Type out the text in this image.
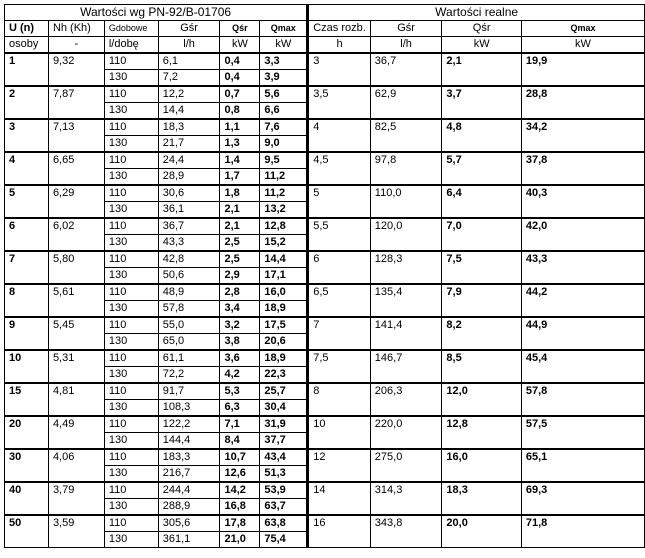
Wartości wg PN-92/B-01706						Wartości realne			
U (n)	Nh (Kh)	Gdobowe	Gśr	Qśr	Qmax	Czas rozb.	Gśr	Qśr	Qmax
osoby	-	l/dobę	l/h	kW	kW	h	l/h	kW	kW
1	9,32	110	6,1	0,4	3,3	3	36,7	2,1	19,9
		130	7,2	0,4	3,9				
2	7,87	110	12,2	0,7	5,6	3,5	62,9	3,7	28,8
		130	14,4	0,8	6,6				
3	7,13	110	18,3	1,1	7,6	4	82,5	4,8	34,2
		130	21,7	1,3	9,0				
4	6,65	110	24,4	1,4	9,5	4,5	97,8	5,7	37,8
		130	28,9	1,7	11,2				
5	6,29	110	30,6	1,8	11,2	5	110,0	6,4	40,3
		130	36,1	2,1	13,2				
6	6,02	110	36,7	2,1	12,8	5,5	120,0	7,0	42,0
		130	43,3	2,5	15,2				
7	5,80	110	42,8	2,5	14,4	6	128,3	7,5	43,3
		130	50,6	2,9	17,1				
8	5,61	110	48,9	2,8	16,0	6,5	135,4	7,9	44,2
		130	57,8	3,4	18,9				
9	5,45	110	55,0	3,2	17,5	7	141,4	8,2	44,9
		130	65,0	3,8	20,6				
10	5,31	110	61,1	3,6	18,9	7,5	146,7	8,5	45,4
		130	72,2	4,2	22,3				
15	4,81	110	91,7	5,3	25,7	8	206,3	12,0	57,8
		130	108,3	6,3	30,4				
20	4,49	110	122,2	7,1	31,9	10	220,0	12,8	57,5
		130	144,4	8,4	37,7				
30	4,06	110	183,3	10,7	43,4	12	275,0	16,0	65,1
		130	216,7	12,6	51,3				
40	3,79	110	244,4	14,2	53,9	14	314,3	18,3	69,3
		130	288,9	16,8	63,7				
50	3,59	110	305,6	17,8	63,8	16	343,8	20,0	71,8
		130	361,1	21,0	75,4				
